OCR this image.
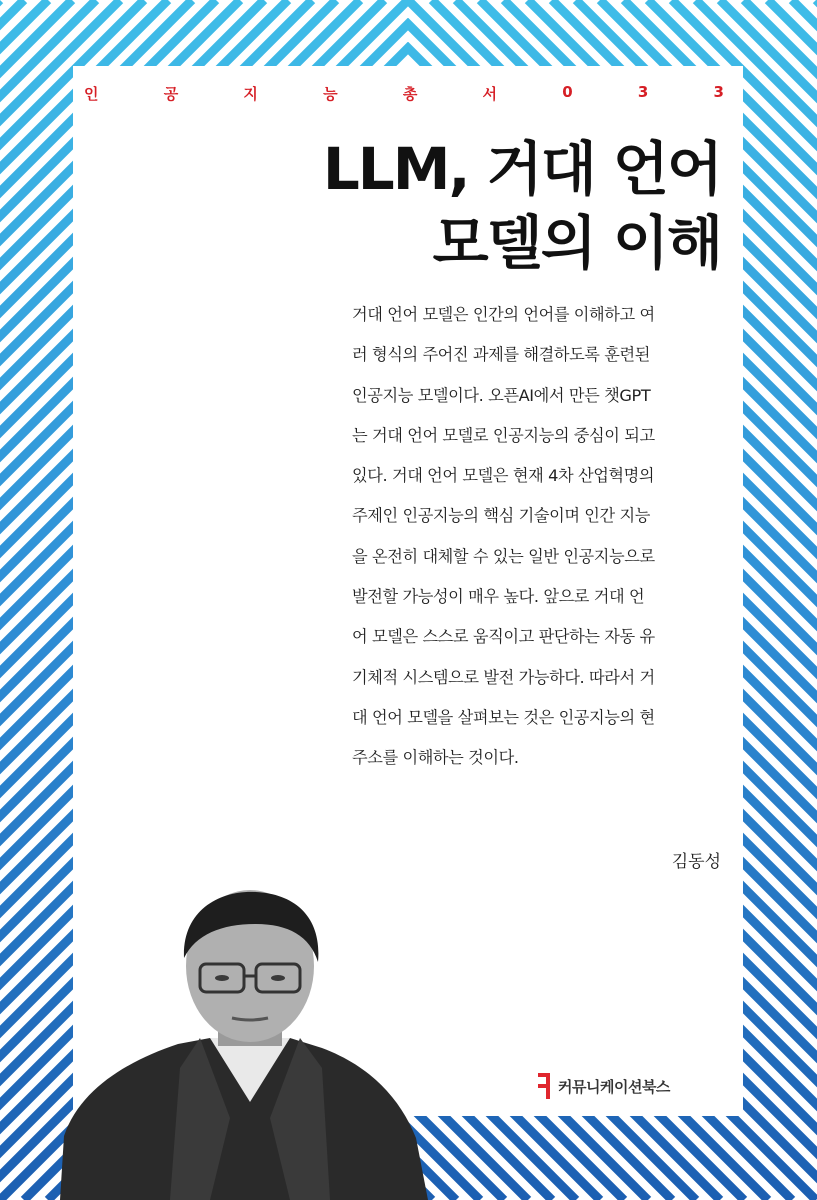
인	공	지	능	총	서	0	3	3
LLM, 거대 언어
모델의 이해
거대 언어 모델은 인간의 언어를 이해하고 여
러 형식의 주어진 과제를 해결하도록 훈련된
인공지능 모델이다. 오픈AI에서 만든 챗GPT
는 거대 언어 모델로 인공지능의 중심이 되고
있다. 거대 언어 모델은 현재 4차 산업혁명의
주제인 인공지능의 핵심 기술이며 인간 지능
을 온전히 대체할 수 있는 일반 인공지능으로
발전할 가능성이 매우 높다. 앞으로 거대 언
어 모델은 스스로 움직이고 판단하는 자동 유
기체적 시스템으로 발전 가능하다. 따라서 거
대 언어 모델을 살펴보는 것은 인공지능의 현
주소를 이해하는 것이다.
김동성
커뮤니케이션북스
